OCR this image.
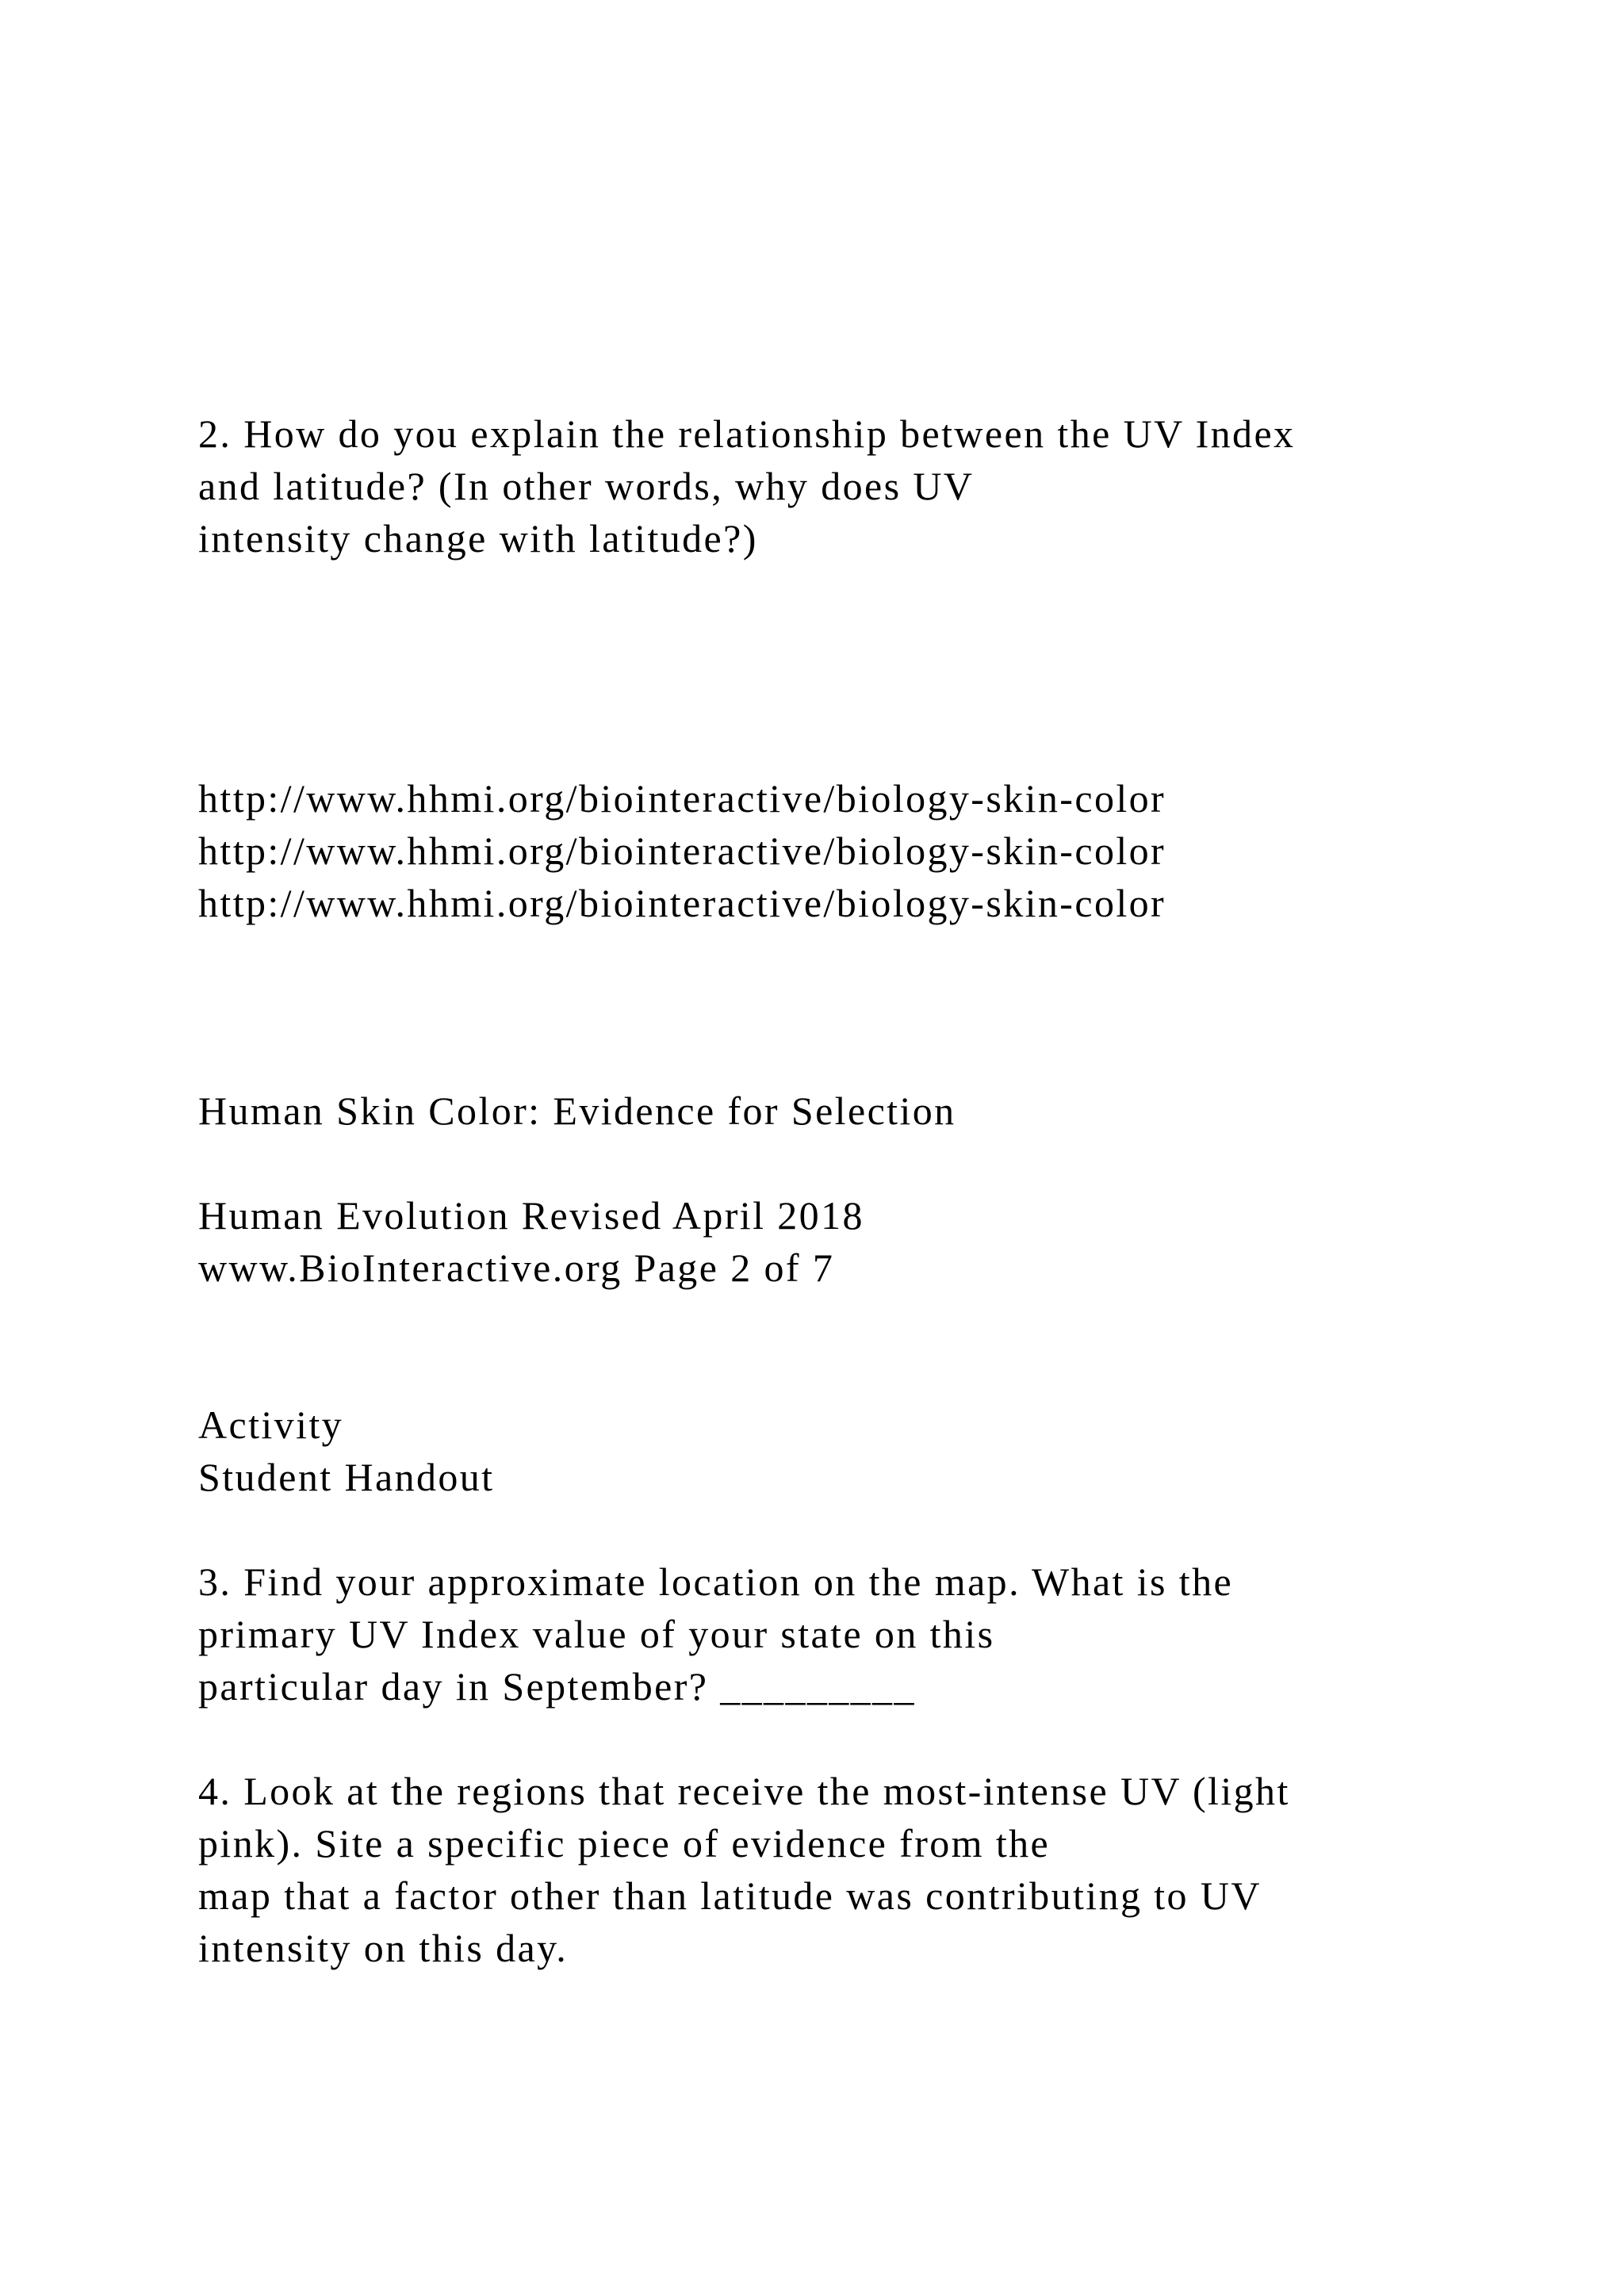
2. How do you explain the relationship between the UV Index

and latitude? (In other words, why does UV

intensity change with latitude?)

http://www.hhmi.org/biointeractive/biology-skin-color

http://www.hhmi.org/biointeractive/biology-skin-color

http://www.hhmi.org/biointeractive/biology-skin-color

Human Skin Color: Evidence for Selection

Human Evolution Revised April 2018

www.BioInteractive.org Page 2 of 7

Activity

Student Handout

3. Find your approximate location on the map. What is the

primary UV Index value of your state on this

particular day in September? _________

4. Look at the regions that receive the most-intense UV (light

pink). Site a specific piece of evidence from the

map that a factor other than latitude was contributing to UV

intensity on this day.
